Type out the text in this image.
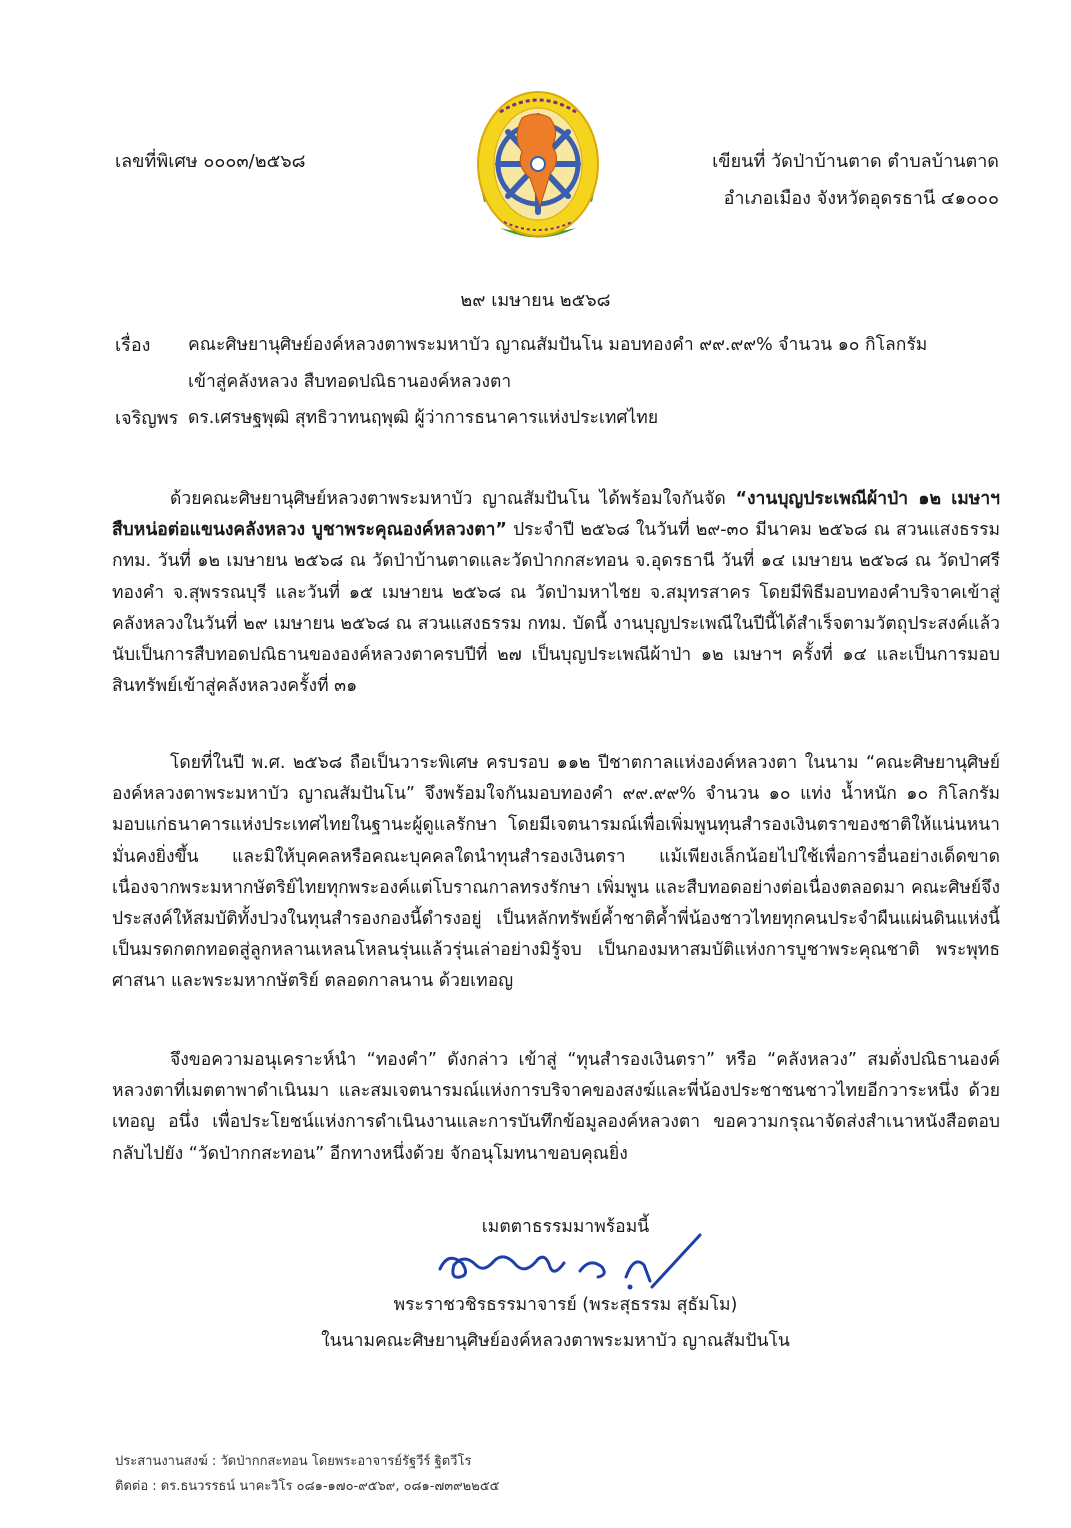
เลขที่พิเศษ ๐๐๐๓/๒๕๖๘	เขียนที่ วัดป่าบ้านตาด ตำบลบ้านตาด
อำเภอเมือง จังหวัดอุดรธานี ๔๑๐๐๐
๒๙ เมษายน ๒๕๖๘
เรื่อง คณะศิษยานุศิษย์องค์หลวงตาพระมหาบัว ญาณสัมปันโน มอบทองคำ ๙๙.๙๙% จำนวน ๑๐ กิโลกรัม
เข้าสู่คลังหลวง สืบทอดปณิธานองค์หลวงตา
เจริญพร ดร.เศรษฐพุฒิ สุทธิวาทนฤพุฒิ ผู้ว่าการธนาคารแห่งประเทศไทย

ด้วยคณะศิษยานุศิษย์หลวงตาพระมหาบัว ญาณสัมปันโน ได้พร้อมใจกันจัด “งานบุญประเพณีผ้าป่า ๑๒ เมษาฯ สืบหน่อต่อแขนงคลังหลวง บูชาพระคุณองค์หลวงตา” ประจำปี ๒๕๖๘ ในวันที่ ๒๙-๓๐ มีนาคม ๒๕๖๘ ณ สวนแสงธรรม กทม. วันที่ ๑๒ เมษายน ๒๕๖๘ ณ วัดป่าบ้านตาดและวัดป่ากกสะทอน จ.อุดรธานี วันที่ ๑๔ เมษายน ๒๕๖๘ ณ วัดป่าศรีทองคำ จ.สุพรรณบุรี และวันที่ ๑๕ เมษายน ๒๕๖๘ ณ วัดป่ามหาไชย จ.สมุทรสาคร โดยมีพิธีมอบทองคำบริจาคเข้าสู่คลังหลวงในวันที่ ๒๙ เมษายน ๒๕๖๘ ณ สวนแสงธรรม กทม. บัดนี้ งานบุญประเพณีในปีนี้ได้สำเร็จตามวัตถุประสงค์แล้ว นับเป็นการสืบทอดปณิธานขององค์หลวงตาครบปีที่ ๒๗ เป็นบุญประเพณีผ้าป่า ๑๒ เมษาฯ ครั้งที่ ๑๔ และเป็นการมอบสินทรัพย์เข้าสู่คลังหลวงครั้งที่ ๓๑

โดยที่ในปี พ.ศ. ๒๕๖๘ ถือเป็นวาระพิเศษ ครบรอบ ๑๑๒ ปีชาตกาลแห่งองค์หลวงตา ในนาม “คณะศิษยานุศิษย์องค์หลวงตาพระมหาบัว ญาณสัมปันโน” จึงพร้อมใจกันมอบทองคำ ๙๙.๙๙% จำนวน ๑๐ แท่ง น้ำหนัก ๑๐ กิโลกรัม มอบแก่ธนาคารแห่งประเทศไทยในฐานะผู้ดูแลรักษา โดยมีเจตนารมณ์เพื่อเพิ่มพูนทุนสำรองเงินตราของชาติให้แน่นหนามั่นคงยิ่งขึ้น และมิให้บุคคลหรือคณะบุคคลใดนำทุนสำรองเงินตรา แม้เพียงเล็กน้อยไปใช้เพื่อการอื่นอย่างเด็ดขาด เนื่องจากพระมหากษัตริย์ไทยทุกพระองค์แต่โบราณกาลทรงรักษา เพิ่มพูน และสืบทอดอย่างต่อเนื่องตลอดมา คณะศิษย์จึงประสงค์ให้สมบัติทั้งปวงในทุนสำรองกองนี้ดำรงอยู่ เป็นหลักทรัพย์ค้ำชาติค้ำพี่น้องชาวไทยทุกคนประจำผืนแผ่นดินแห่งนี้ เป็นมรดกตกทอดสู่ลูกหลานเหลนโหลนรุ่นแล้วรุ่นเล่าอย่างมิรู้จบ เป็นกองมหาสมบัติแห่งการบูชาพระคุณชาติ พระพุทธศาสนา และพระมหากษัตริย์ ตลอดกาลนาน ด้วยเทอญ

จึงขอความอนุเคราะห์นำ “ทองคำ” ดังกล่าว เข้าสู่ “ทุนสำรองเงินตรา” หรือ “คลังหลวง” สมดั่งปณิธานองค์หลวงตาที่เมตตาพาดำเนินมา และสมเจตนารมณ์แห่งการบริจาคของสงฆ์และพี่น้องประชาชนชาวไทยอีกวาระหนึ่ง ด้วยเทอญ อนึ่ง เพื่อประโยชน์แห่งการดำเนินงานและการบันทึกข้อมูลองค์หลวงตา ขอความกรุณาจัดส่งสำเนาหนังสือตอบกลับไปยัง “วัดป่ากกสะทอน” อีกทางหนึ่งด้วย จักอนุโมทนาขอบคุณยิ่ง

เมตตาธรรมมาพร้อมนี้
พระราชวชิรธรรมาจารย์ (พระสุธรรม สุธัมโม)
ในนามคณะศิษยานุศิษย์องค์หลวงตาพระมหาบัว ญาณสัมปันโน
ประสานงานสงฆ์ : วัดป่ากกสะทอน โดยพระอาจารย์รัฐวีร์ ฐิตวีโร
ติดต่อ : ดร.ธนวรรธน์ นาคะวิโร ๐๘๑-๑๗๐-๙๕๖๙, ๐๘๑-๗๓๙๒๒๕๕
